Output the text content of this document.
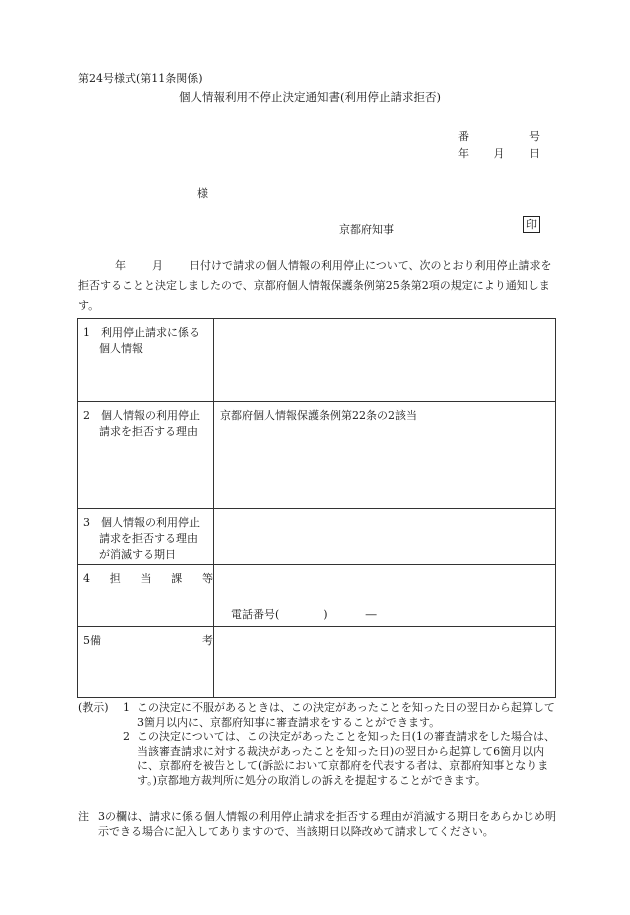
第24号様式(第11条関係)
個人情報利用不停止決定通知書(利用停止請求拒否)
番	号
年 月 日
様
京都府知事	印
年 月 日付けで請求の個人情報の利用停止について、次のとおり利用停止請求を拒否することと決定しましたので、京都府個人情報保護条例第25条第2項の規定により通知します。
1　利用停止請求に係る個人情報	

2　個人情報の利用停止請求を拒否する理由	京都府個人情報保護条例第22条の2該当

3　個人情報の利用停止請求を拒否する理由が消滅する期日	

4 担 当 課 等	電話番号( ) ―

5 備 考	

(教示)	1 この決定に不服があるときは、この決定があったことを知った日の翌日から起算して3箇月以内に、京都府知事に審査請求をすることができます。
2 この決定については、この決定があったことを知った日(1の審査請求をした場合は、当該審査請求に対する裁決があったことを知った日)の翌日から起算して6箇月以内に、京都府を被告として(訴訟において京都府を代表する者は、京都府知事となります。)京都地方裁判所に処分の取消しの訴えを提起することができます。
注 3の欄は、請求に係る個人情報の利用停止請求を拒否する理由が消滅する期日をあらかじめ明示できる場合に記入してありますので、当該期日以降改めて請求してください。
